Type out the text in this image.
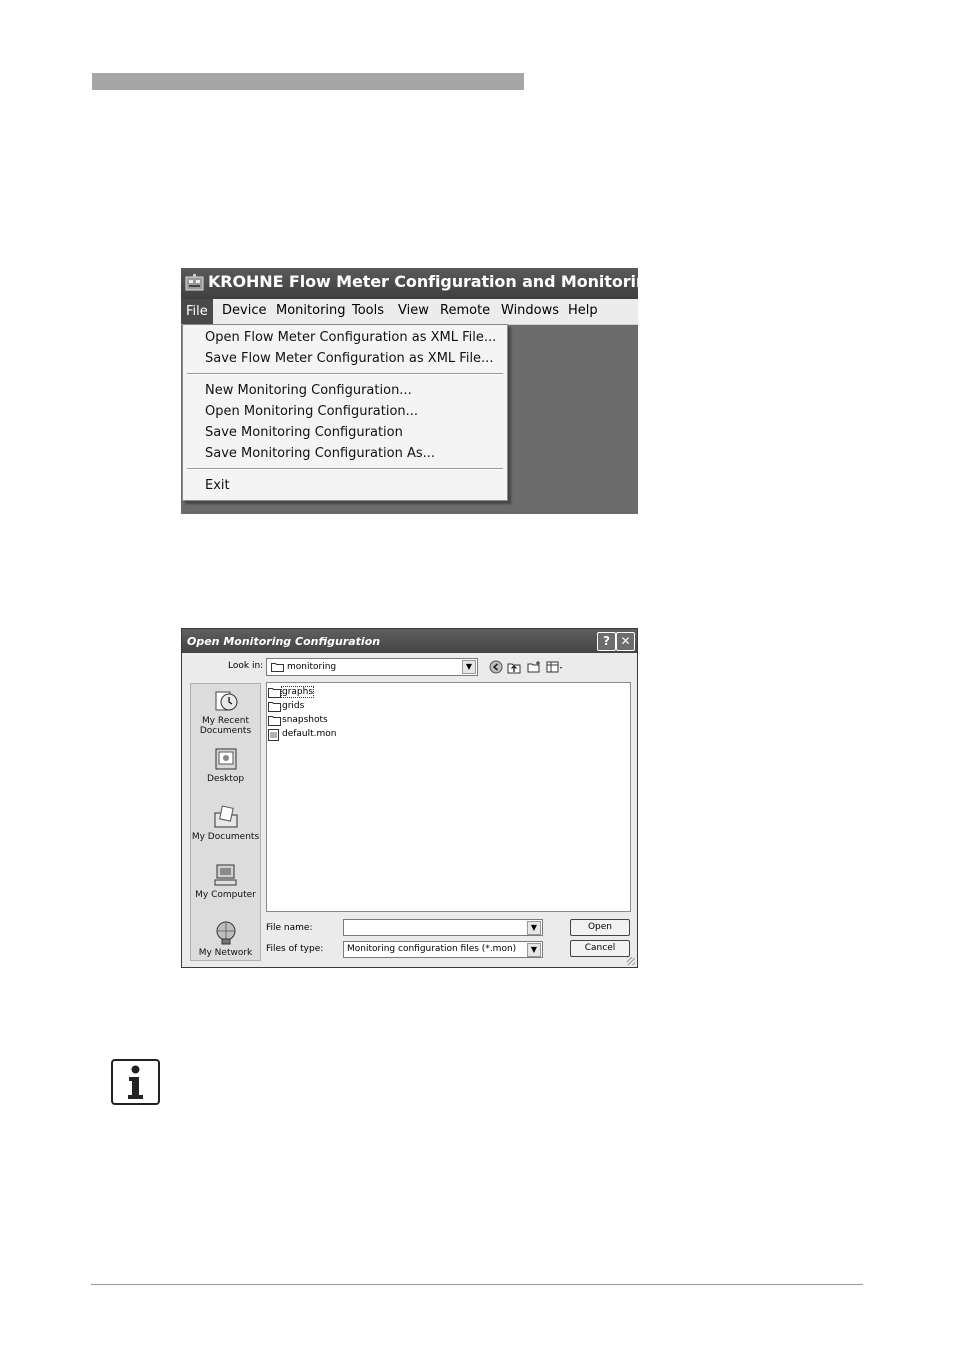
KROHNE Flow Meter Configuration and Monitoring Tool
File	Device Monitoring Tools View Remote Windows Help
Open Flow Meter Configuration as XML File...
Save Flow Meter Configuration as XML File...
New Monitoring Configuration...
Open Monitoring Configuration...
Save Monitoring Configuration
Save Monitoring Configuration As...
Exit
Open Monitoring Configuration	? ✕
Look in:	monitoring	▼
My Recent Documents
Desktop
My Documents
My Computer
My Network
graphs
grids
snapshots
default.mon
File name:	▼
Files of type:	Monitoring configuration files (*.mon)	▼
Open
Cancel
